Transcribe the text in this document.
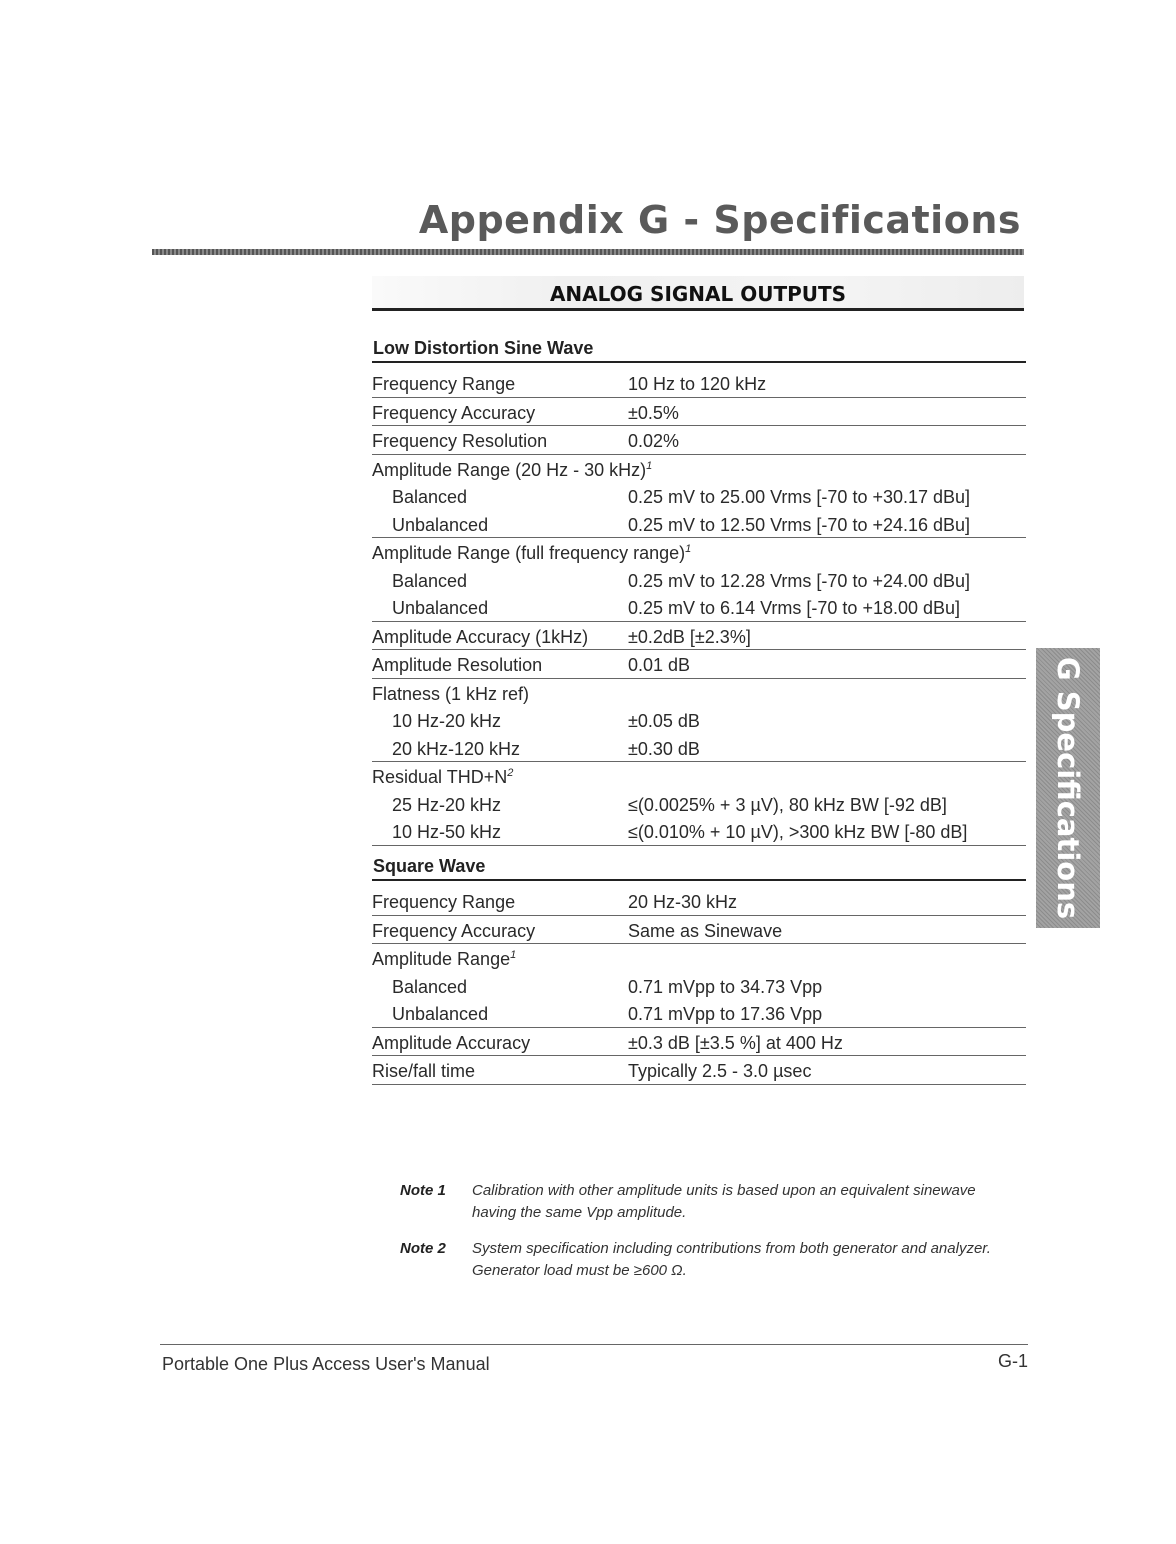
Appendix G - Specifications
ANALOG SIGNAL OUTPUTS
Low Distortion Sine Wave
Frequency Range	10 Hz to 120 kHz
Frequency Accuracy	±0.5%
Frequency Resolution	0.02%
Amplitude Range (20 Hz - 30 kHz)$^1$
Balanced	0.25 mV to 25.00 Vrms [-70 to +30.17 dBu]
Unbalanced	0.25 mV to 12.50 Vrms [-70 to +24.16 dBu]
Amplitude Range (full frequency range)$^1$
Balanced	0.25 mV to 12.28 Vrms [-70 to +24.00 dBu]
Unbalanced	0.25 mV to 6.14 Vrms [-70 to +18.00 dBu]
Amplitude Accuracy (1kHz)	±0.2dB [±2.3%]
Amplitude Resolution	0.01 dB
Flatness (1 kHz ref)
10 Hz-20 kHz	±0.05 dB
20 kHz-120 kHz	±0.30 dB
Residual $THD+N^2$
25 Hz-20 kHz	≤(0.0025% + 3 µV), 80 kHz BW [-92 dB]
10 Hz-50 kHz	≤(0.010% + 10 µV), >300 kHz BW [-80 dB]
Square Wave
Frequency Range	20 Hz-30 kHz
Frequency Accuracy	Same as Sinewave
Amplitude Range$^1$
Balanced	0.71 mVpp to 34.73 Vpp
Unbalanced	0.71 mVpp to 17.36 Vpp
Amplitude Accuracy	±0.3 dB [±3.5 %] at 400 Hz
Rise/fall time	Typically 2.5 - 3.0 µsec
G Specifications
Note 1	Calibration with other amplitude units is based upon an equivalent sinewave having the same Vpp amplitude.
Note 2	System specification including contributions from both generator and analyzer. Generator load must be ≥600 Ω.
Portable One Plus Access User's Manual	G-1
